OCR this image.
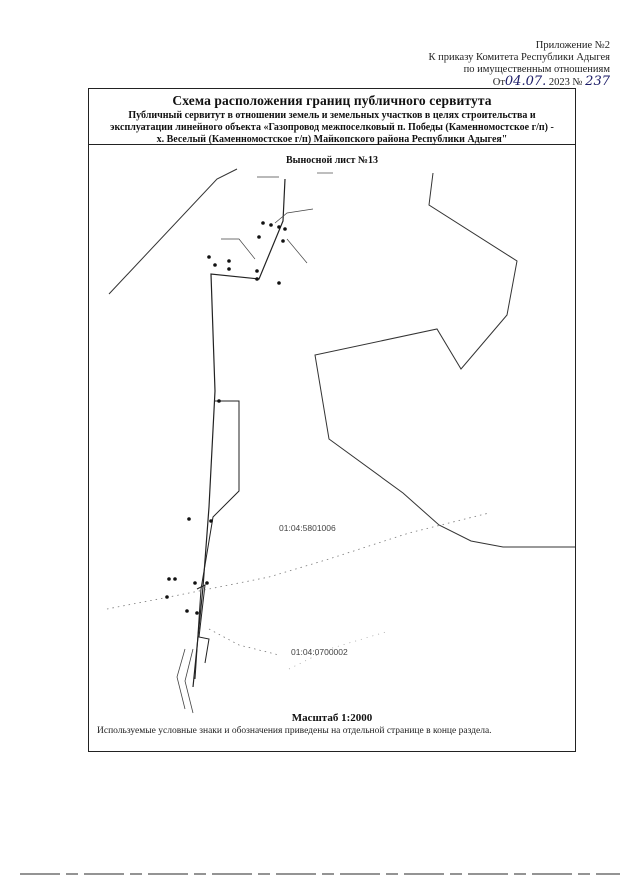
Приложение №2
К приказу Комитета Республики Адыгея
по имущественным отношениям
От04.07. 2023 № 237
Схема расположения границ публичного сервитута
Публичный сервитут в отношении земель и земельных участков в целях строительства и
эксплуатации линейного объекта «Газопровод межпоселковый п. Победы (Каменномостское г/п) -
х. Веселый (Каменномостское г/п) Майкопского района Республики Адыгея"
01:04:5801006
01:04:0700002
Выносной лист №13
Масштаб 1:2000
Используемые условные знаки и обозначения приведены на отдельной странице в конце раздела.
